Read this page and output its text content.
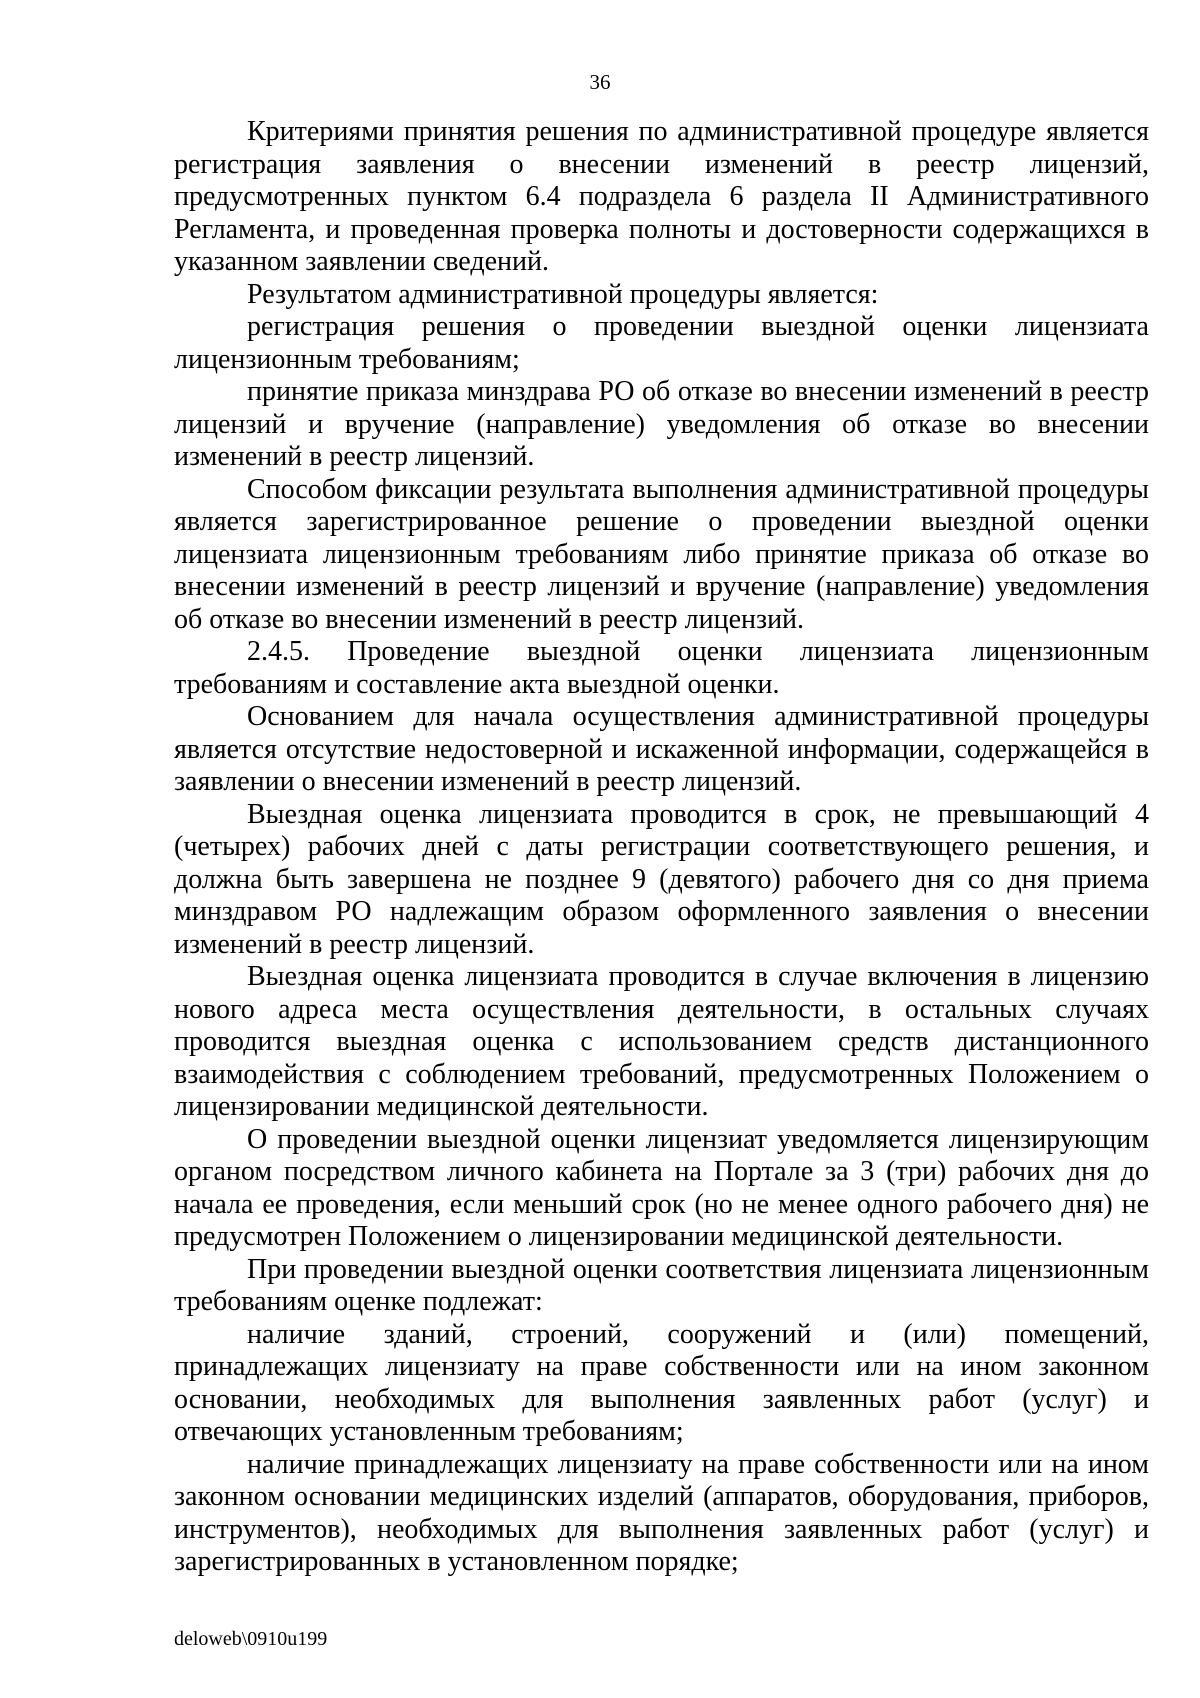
36

Критериями принятия решения по административной процедуре является регистрация заявления о внесении изменений в реестр лицензий, предусмотренных пунктом 6.4 подраздела 6 раздела II Административного Регламента, и проведенная проверка полноты и достоверности содержащихся в указанном заявлении сведений.

Результатом административной процедуры является:

регистрация решения о проведении выездной оценки лицензиата лицензионным требованиям;

принятие приказа минздрава РО об отказе во внесении изменений в реестр лицензий и вручение (направление) уведомления об отказе во внесении изменений в реестр лицензий.

Способом фиксации результата выполнения административной процедуры является зарегистрированное решение о проведении выездной оценки лицензиата лицензионным требованиям либо принятие приказа об отказе во внесении изменений в реестр лицензий и вручение (направление) уведомления об отказе во внесении изменений в реестр лицензий.

2.4.5. Проведение выездной оценки лицензиата лицензионным требованиям и составление акта выездной оценки.

Основанием для начала осуществления административной процедуры является отсутствие недостоверной и искаженной информации, содержащейся в заявлении о внесении изменений в реестр лицензий.

Выездная оценка лицензиата проводится в срок, не превышающий 4 (четырех) рабочих дней с даты регистрации соответствующего решения, и должна быть завершена не позднее 9 (девятого) рабочего дня со дня приема минздравом РО надлежащим образом оформленного заявления о внесении изменений в реестр лицензий.

Выездная оценка лицензиата проводится в случае включения в лицензию нового адреса места осуществления деятельности, в остальных случаях проводится выездная оценка с использованием средств дистанционного взаимодействия с соблюдением требований, предусмотренных Положением о лицензировании медицинской деятельности.

О проведении выездной оценки лицензиат уведомляется лицензирующим органом посредством личного кабинета на Портале за 3 (три) рабочих дня до начала ее проведения, если меньший срок (но не менее одного рабочего дня) не предусмотрен Положением о лицензировании медицинской деятельности.

При проведении выездной оценки соответствия лицензиата лицензионным требованиям оценке подлежат:

наличие зданий, строений, сооружений и (или) помещений, принадлежащих лицензиату на праве собственности или на ином законном основании, необходимых для выполнения заявленных работ (услуг) и отвечающих установленным требованиям;

наличие принадлежащих лицензиату на праве собственности или на ином законном основании медицинских изделий (аппаратов, оборудования, приборов, инструментов), необходимых для выполнения заявленных работ (услуг) и зарегистрированных в установленном порядке;

deloweb\0910u199
